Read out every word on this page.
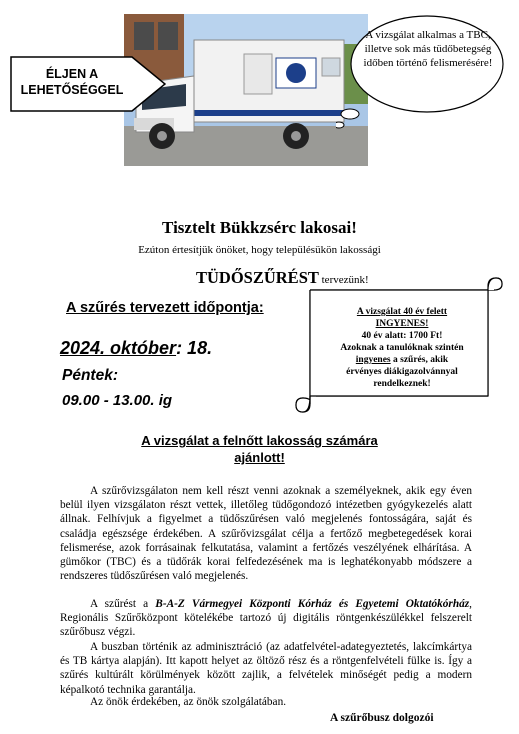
ÉLJEN A
LEHETŐSÉGGEL
A vizsgálat alkalmas a TBC, illetve sok más tüdőbetegség időben történő felismerésére!
Tisztelt Bükkzsérc lakosai!
Ezúton értesítjük önöket, hogy településükön lakossági
TÜDŐSZŰRÉST tervezünk!
A szűrés tervezett időpontja:
2024. október: 18.
Péntek:
09.00 - 13.00. ig
A vizsgálat 40 év felett
INGYENES!
40 év alatt: 1700 Ft!
Azoknak a tanulóknak szintén
ingyenes a szűrés, akik
érvényes diákigazolvánnyal
rendelkeznek!
A vizsgálat a felnőtt lakosság számára
ajánlott!

A szűrővizsgálaton nem kell részt venni azoknak a személyeknek, akik egy éven belül ilyen vizsgálaton részt vettek, illetőleg tüdőgondozó intézetben gyógykezelés alatt állnak. Felhívjuk a figyelmet a tüdőszűrésen való megjelenés fontosságára, saját és családja egészsége érdekében. A szűrővizsgálat célja a fertőző megbetegedések korai felismerése, azok forrásainak felkutatása, valamint a fertőzés veszélyének elhárítása. A gümőkor (TBC) és a tüdőrák korai felfedezésének ma is leghatékonyabb módszere a rendszeres tüdőszűrésen való megjelenés.

A szűrést a B-A-Z Vármegyei Központi Kórház és Egyetemi Oktatókórház, Regionális Szűrőközpont kötelékébe tartozó új digitális röntgenkészülékkel felszerelt szűrőbusz végzi.

A buszban történik az adminisztráció (az adatfelvétel-adategyeztetés, lakcímkártya és TB kártya alapján). Itt kapott helyet az öltöző rész és a röntgenfelvételi fülke is. Így a szűrés kultúrált körülmények között zajlik, a felvételek minőségét pedig a modern képalkotó technika garantálja.

Az önök érdekében, az önök szolgálatában.

A szűrőbusz dolgozói
